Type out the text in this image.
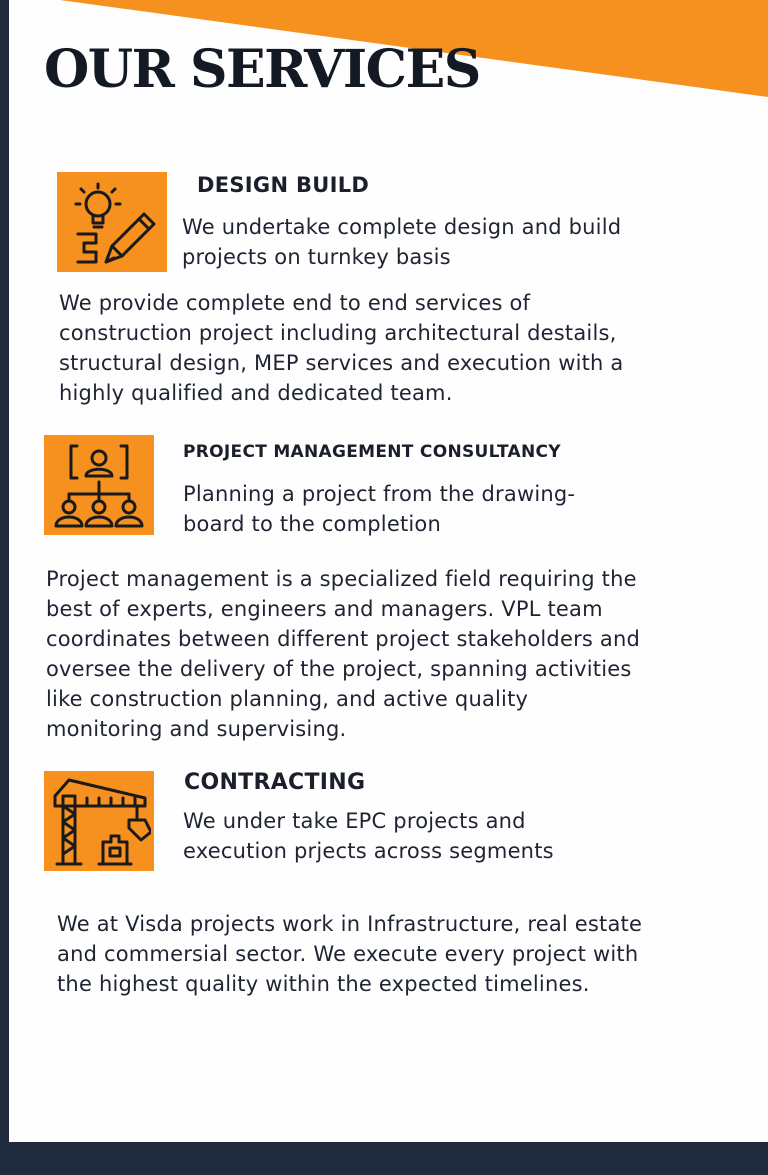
OUR SERVICES
DESIGN BUILD

We undertake complete design and build projects on turnkey basis

We provide complete end to end services of construction project including architectural destails, structural design, MEP services and execution with a highly qualified and dedicated team.

PROJECT MANAGEMENT CONSULTANCY

Planning a project from the drawing-board to the completion

Project management is a specialized field requiring the best of experts, engineers and managers. VPL team coordinates between different project stakeholders and oversee the delivery of the project, spanning activities like construction planning, and active quality monitoring and supervising.

CONTRACTING

We under take EPC projects and execution prjects across segments

We at Visda projects work in Infrastructure, real estate and commersial sector. We execute every project with the highest quality within the expected timelines.
